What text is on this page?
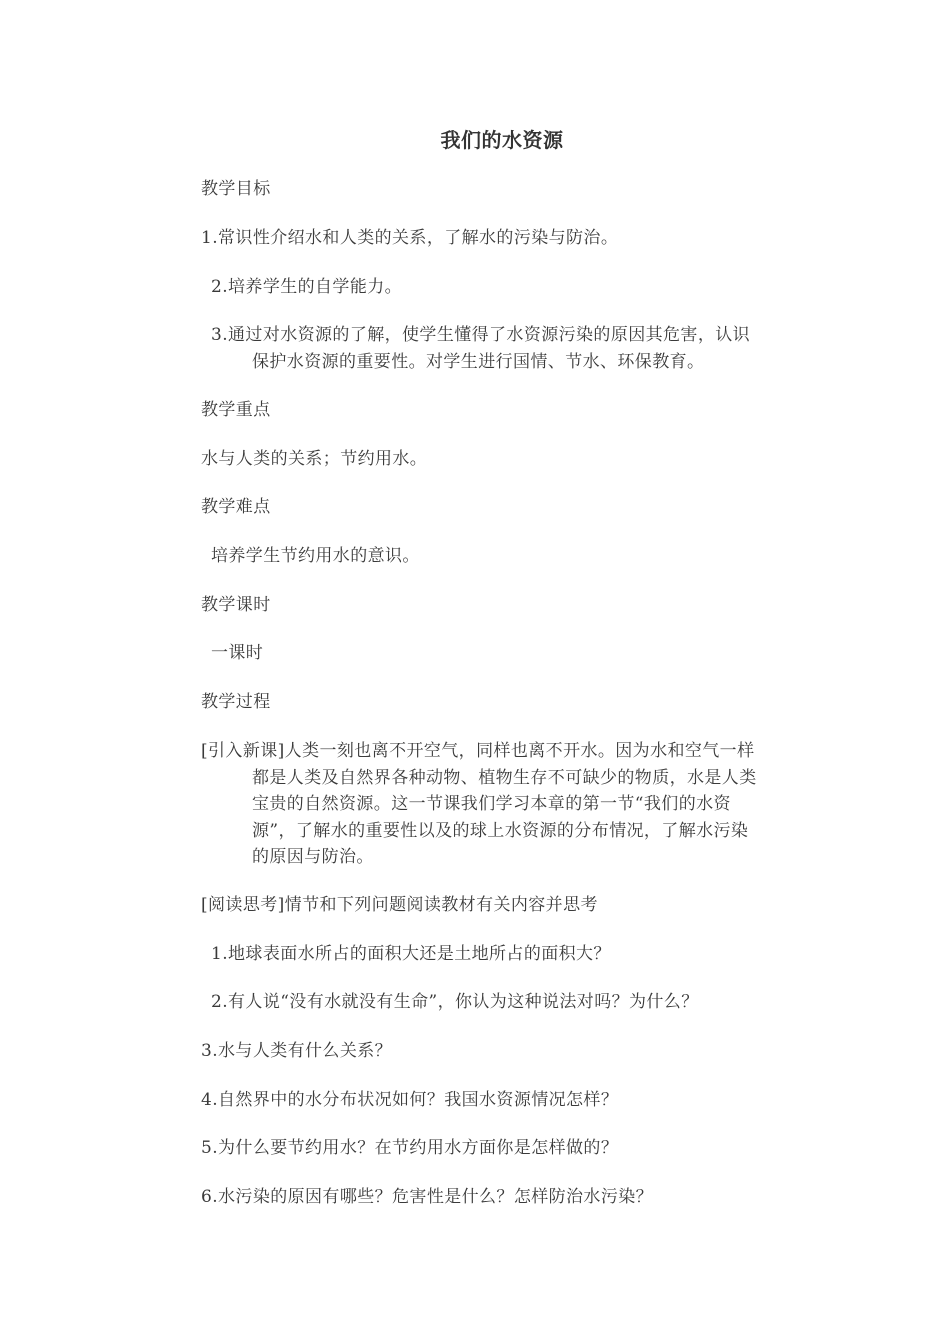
我们的水资源
教学目标
1.常识性介绍水和人类的关系，了解水的污染与防治。
2.培养学生的自学能力。
3.通过对水资源的了解，使学生懂得了水资源污染的原因其危害，认识
保护水资源的重要性。对学生进行国情、节水、环保教育。
教学重点
水与人类的关系；节约用水。
教学难点
培养学生节约用水的意识。
教学课时
一课时
教学过程
[引入新课]人类一刻也离不开空气，同样也离不开水。因为水和空气一样
都是人类及自然界各种动物、植物生存不可缺少的物质，水是人类
宝贵的自然资源。这一节课我们学习本章的第一节“我们的水资
源”，了解水的重要性以及的球上水资源的分布情况，了解水污染
的原因与防治。
[阅读思考]情节和下列问题阅读教材有关内容并思考
1.地球表面水所占的面积大还是土地所占的面积大？
2.有人说“没有水就没有生命”，你认为这种说法对吗？为什么？
3.水与人类有什么关系？
4.自然界中的水分布状况如何？我国水资源情况怎样？
5.为什么要节约用水？在节约用水方面你是怎样做的？
6.水污染的原因有哪些？危害性是什么？怎样防治水污染？
